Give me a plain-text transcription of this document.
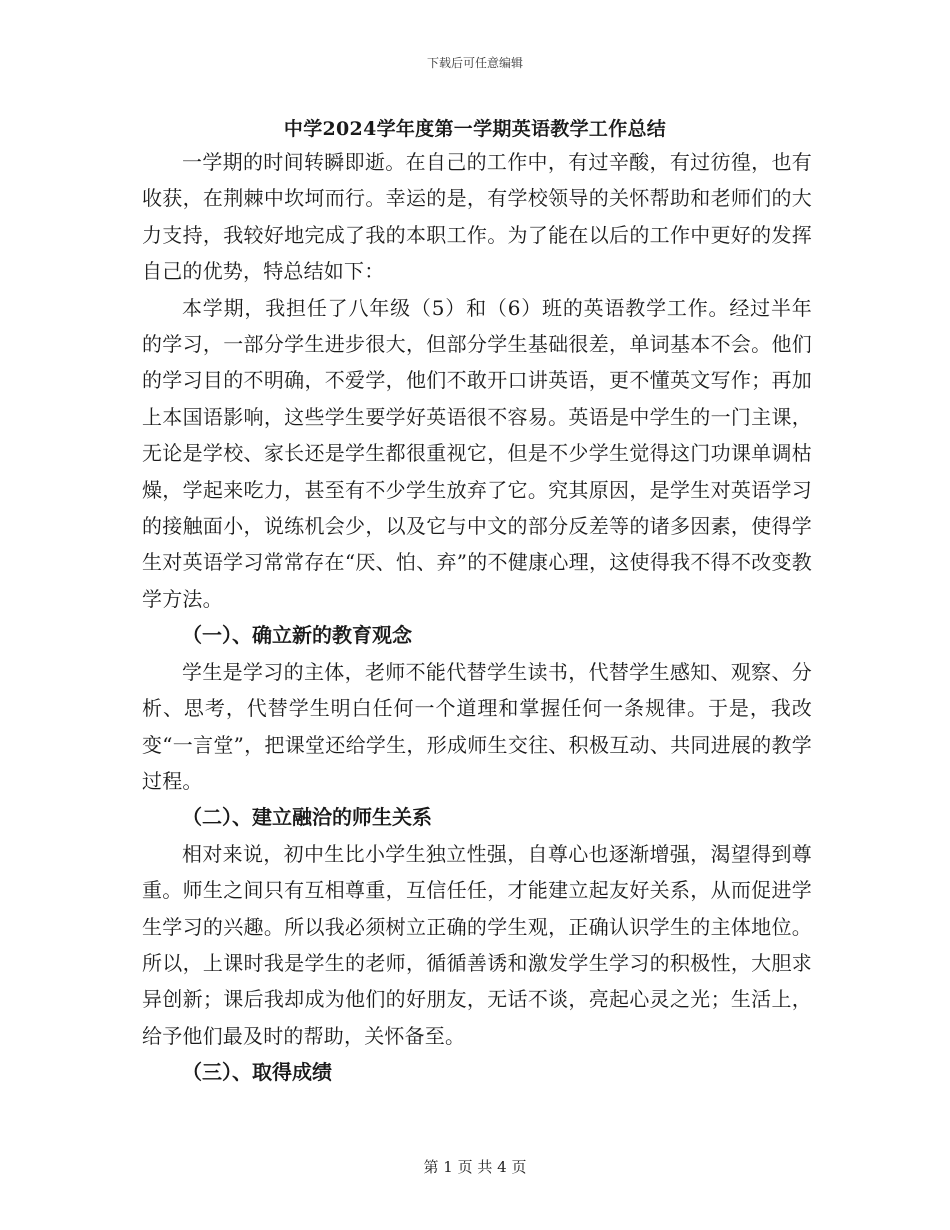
下载后可任意编辑
中学2024学年度第一学期英语教学工作总结

一学期的时间转瞬即逝。在自己的工作中，有过辛酸，有过彷徨，也有收获，在荆棘中坎坷而行。幸运的是，有学校领导的关怀帮助和老师们的大力支持，我较好地完成了我的本职工作。为了能在以后的工作中更好的发挥自己的优势，特总结如下：

本学期，我担任了八年级（5）和（6）班的英语教学工作。经过半年的学习，一部分学生进步很大，但部分学生基础很差，单词基本不会。他们的学习目的不明确，不爱学，他们不敢开口讲英语，更不懂英文写作；再加上本国语影响，这些学生要学好英语很不容易。英语是中学生的一门主课，无论是学校、家长还是学生都很重视它，但是不少学生觉得这门功课单调枯燥，学起来吃力，甚至有不少学生放弃了它。究其原因，是学生对英语学习的接触面小，说练机会少，以及它与中文的部分反差等的诸多因素，使得学生对英语学习常常存在“厌、怕、弃”的不健康心理，这使得我不得不改变教学方法。

（一）、确立新的教育观念

学生是学习的主体，老师不能代替学生读书，代替学生感知、观察、分析、思考，代替学生明白任何一个道理和掌握任何一条规律。于是，我改变“一言堂”，把课堂还给学生，形成师生交往、积极互动、共同进展的教学过程。

（二）、建立融洽的师生关系

相对来说，初中生比小学生独立性强，自尊心也逐渐增强，渴望得到尊重。师生之间只有互相尊重，互信任任，才能建立起友好关系，从而促进学生学习的兴趣。所以我必须树立正确的学生观，正确认识学生的主体地位。所以，上课时我是学生的老师，循循善诱和激发学生学习的积极性，大胆求异创新；课后我却成为他们的好朋友，无话不谈，亮起心灵之光；生活上，给予他们最及时的帮助，关怀备至。

（三）、取得成绩

第 1 页 共 4 页
